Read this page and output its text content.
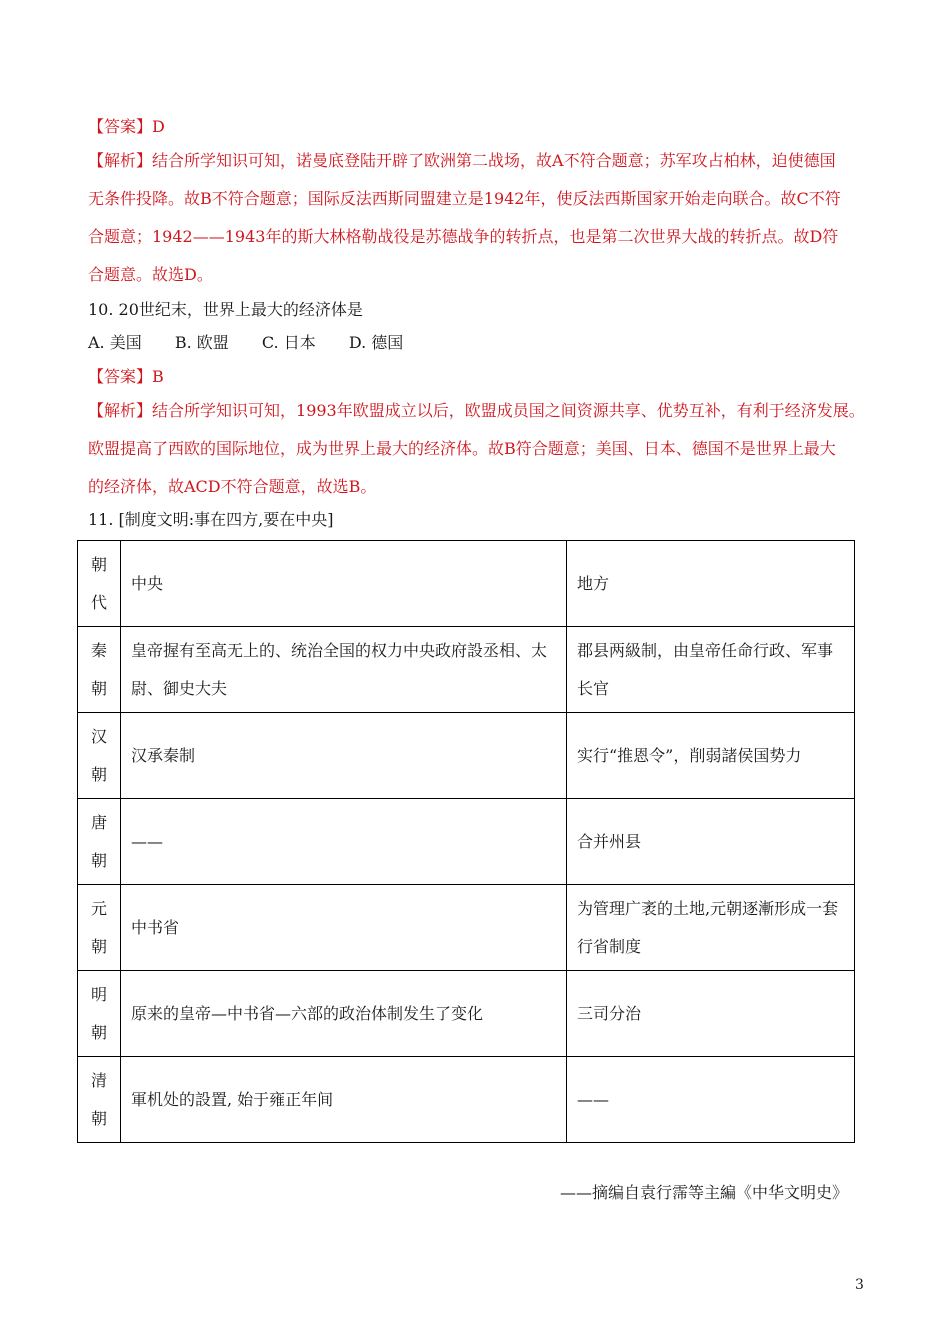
【答案】D
【解析】结合所学知识可知，诺曼底登陆开辟了欧洲第二战场，故A不符合题意；苏军攻占柏林，迫使德国
无条件投降。故B不符合题意；国际反法西斯同盟建立是1942年，使反法西斯国家开始走向联合。故C不符
合题意；1942——1943年的斯大林格勒战役是苏德战争的转折点，也是第二次世界大战的转折点。故D符
合题意。故选D。
10. 20世纪末，世界上最大的经济体是
A. 美国 B. 欧盟 C. 日本 D. 德国
【答案】B
【解析】结合所学知识可知，1993年欧盟成立以后，欧盟成员国之间资源共享、优势互补，有利于经济发展。
欧盟提高了西欧的国际地位，成为世界上最大的经济体。故B符合题意；美国、日本、德国不是世界上最大
的经济体，故ACD不符合题意，故选B。
11. [制度文明:事在四方,要在中央]
朝
代	中央	地方

秦
朝	皇帝握有至高无上的、统治全国的权力中央政府設丞相、太尉、御史大夫	郡县两級制，由皇帝任命行政、军事长官

汉
朝	汉承秦制	实行“推恩令”，削弱諸侯国势力

唐
朝	——	合并州县

元
朝	中书省	为管理广袤的土地,元朝逐漸形成一套行省制度

明
朝	原来的皇帝—中书省—六部的政治体制发生了变化	三司分治

清
朝	軍机处的設置, 始于雍正年间	——
——摘编自袁行霈等主編《中华文明史》
3
